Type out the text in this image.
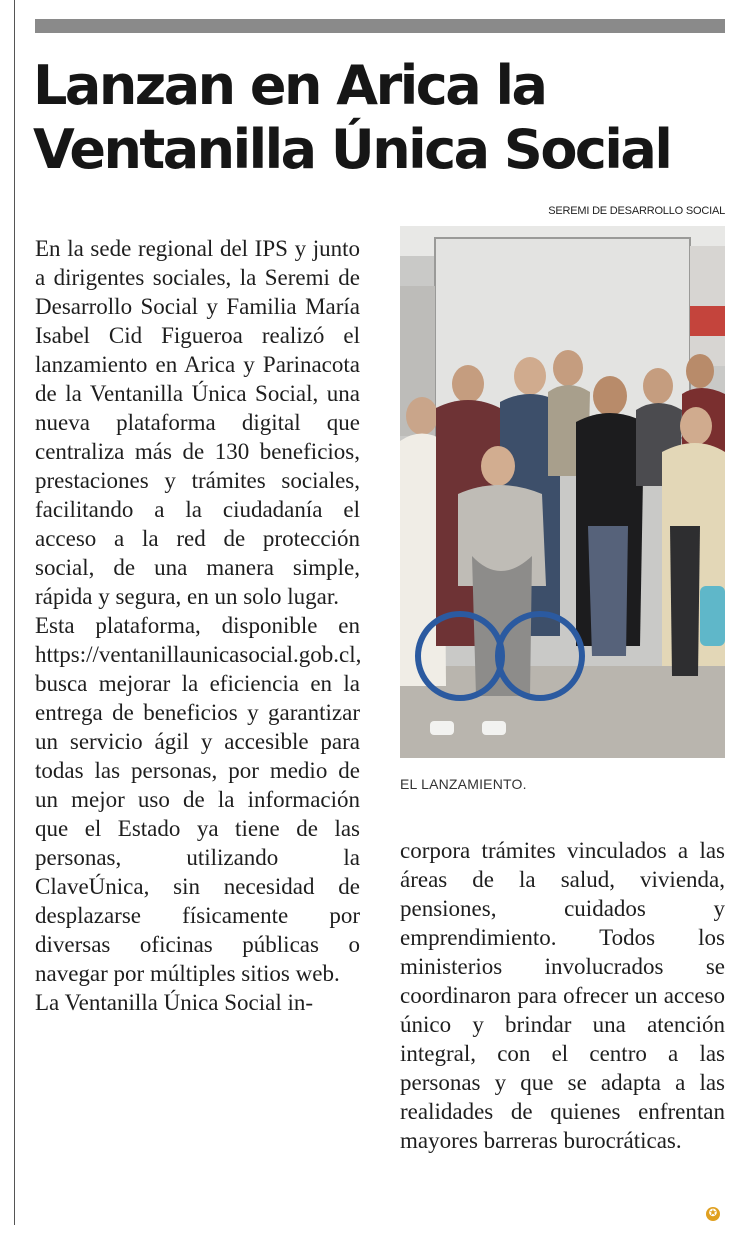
Lanzan en Arica la Ventanilla Única Social

En la sede regional del IPS y junto a dirigentes sociales, la Seremi de Desarrollo Social y Familia María Isabel Cid Figueroa realizó el lanzamiento en Arica y Parinacota de la Ventanilla Única Social, una nueva plataforma digital que centraliza más de 130 beneficios, prestaciones y trámites sociales, facilitando a la ciudadanía el acceso a la red de protección social, de una manera simple, rápida y segura, en un solo lugar.

Esta plataforma, disponible en https://ventanillaunicasocial.gob.cl, busca mejorar la eficiencia en la entrega de beneficios y garantizar un servicio ágil y accesible para todas las personas, por medio de un mejor uso de la información que el Estado ya tiene de las personas, utilizando la ClaveÚnica, sin necesidad de desplazarse físicamente por diversas oficinas públicas o navegar por múltiples sitios web.

La Ventanilla Única Social in-

SEREMI DE DESARROLLO SOCIAL
EL LANZAMIENTO.

corpora trámites vinculados a las áreas de la salud, vivienda, pensiones, cuidados y emprendimiento. Todos los ministerios involucrados se coordinaron para ofrecer un acceso único y brindar una atención integral, con el centro a las personas y que se adapta a las realidades de quienes enfrentan mayores barreras burocráticas.

✪
